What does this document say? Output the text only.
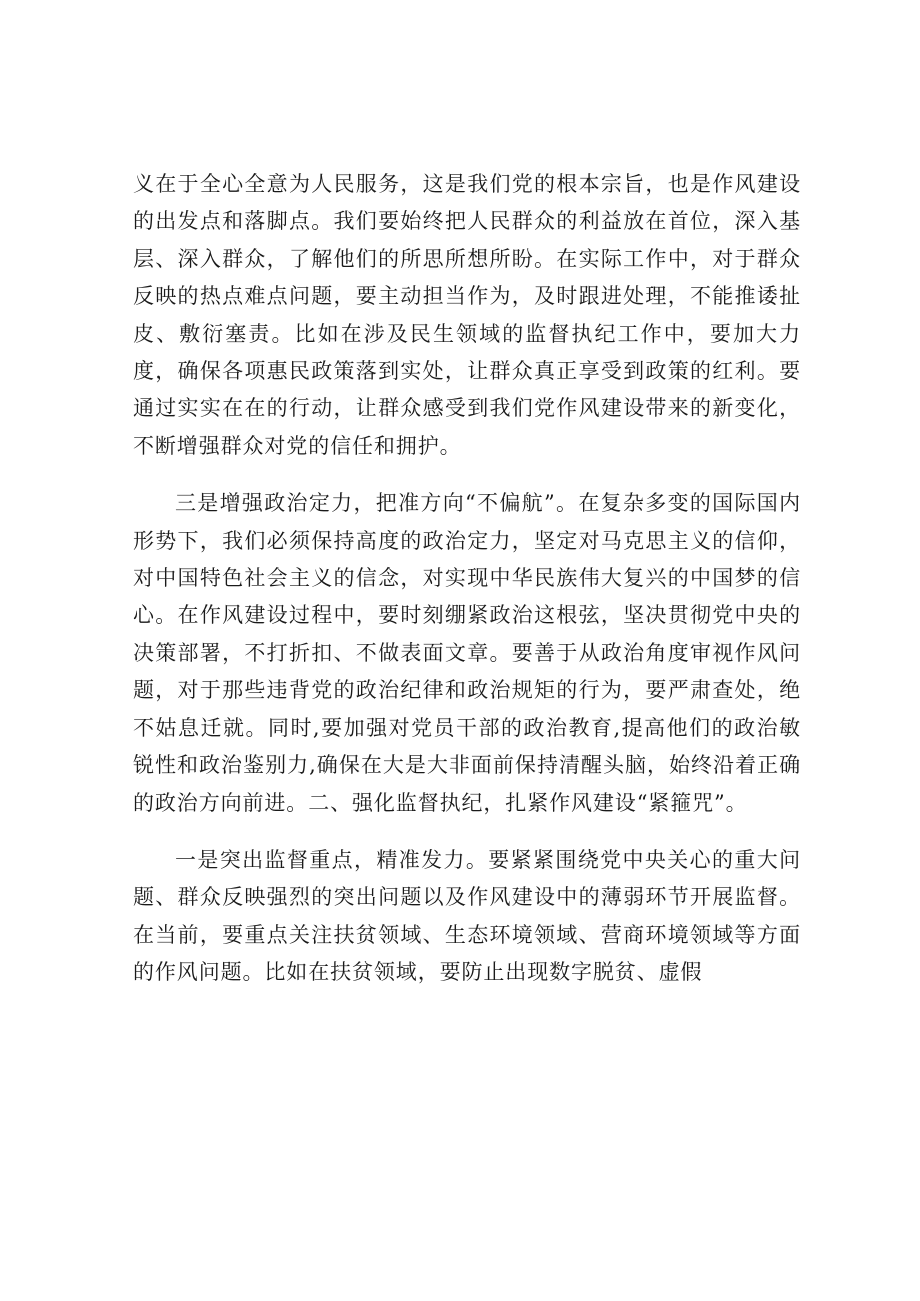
义在于全心全意为人民服务，这是我们党的根本宗旨，也是作风建设的出发点和落脚点。我们要始终把人民群众的利益放在首位，深入基层、深入群众，了解他们的所思所想所盼。在实际工作中，对于群众反映的热点难点问题，要主动担当作为，及时跟进处理，不能推诿扯皮、敷衍塞责。比如在涉及民生领域的监督执纪工作中，要加大力度，确保各项惠民政策落到实处，让群众真正享受到政策的红利。要通过实实在在的行动，让群众感受到我们党作风建设带来的新变化，不断增强群众对党的信任和拥护。

三是增强政治定力，把准方向“不偏航”。在复杂多变的国际国内形势下，我们必须保持高度的政治定力，坚定对马克思主义的信仰，对中国特色社会主义的信念，对实现中华民族伟大复兴的中国梦的信心。在作风建设过程中，要时刻绷紧政治这根弦，坚决贯彻党中央的决策部署，不打折扣、不做表面文章。要善于从政治角度审视作风问题，对于那些违背党的政治纪律和政治规矩的行为，要严肃查处，绝不姑息迁就。同时,要加强对党员干部的政治教育,提高他们的政治敏锐性和政治鉴别力,确保在大是大非面前保持清醒头脑，始终沿着正确的政治方向前进。二、强化监督执纪，扎紧作风建设“紧箍咒”。

一是突出监督重点，精准发力。要紧紧围绕党中央关心的重大问题、群众反映强烈的突出问题以及作风建设中的薄弱环节开展监督。在当前，要重点关注扶贫领域、生态环境领域、营商环境领域等方面的作风问题。比如在扶贫领域，要防止出现数字脱贫、虚假
